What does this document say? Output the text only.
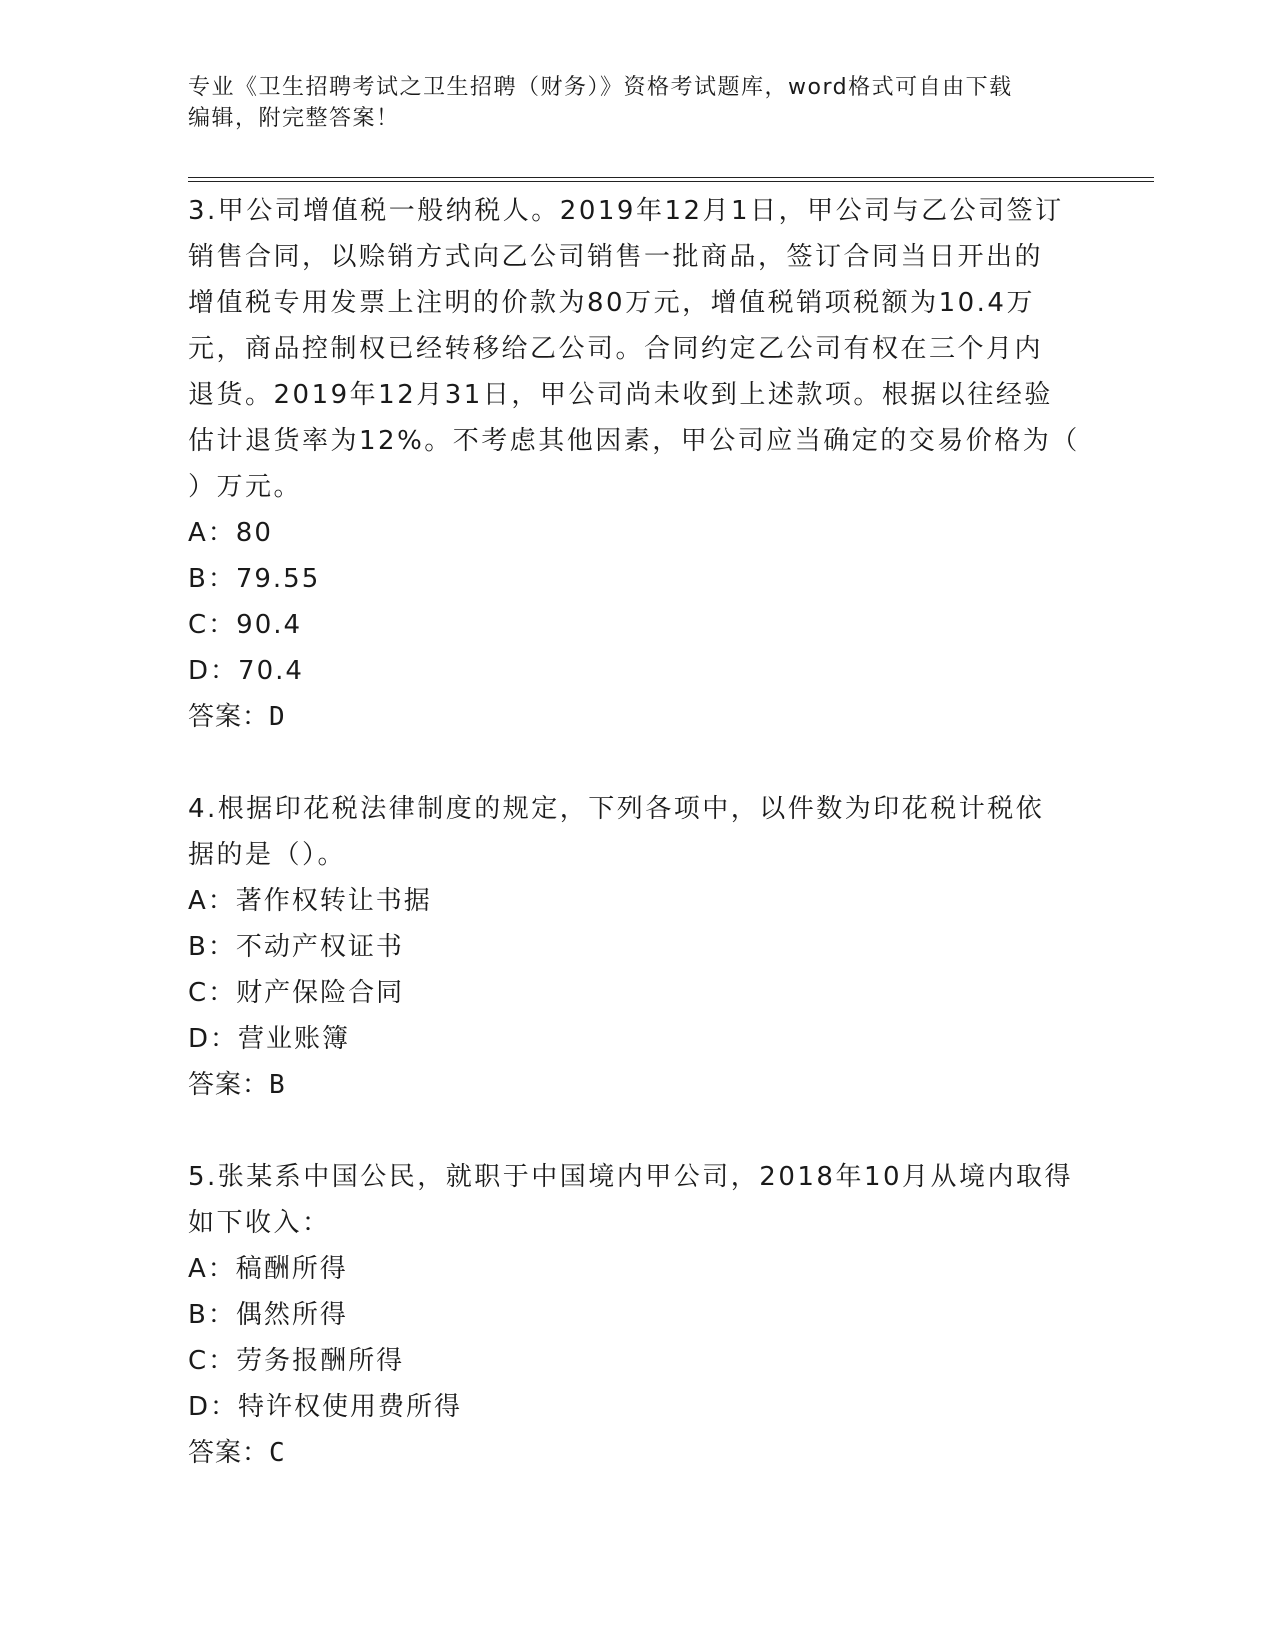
专业《卫生招聘考试之卫生招聘（财务）》资格考试题库，word格式可自由下载
编辑，附完整答案！
3.甲公司增值税一般纳税人。2019年12月1日，甲公司与乙公司签订
销售合同，以赊销方式向乙公司销售一批商品，签订合同当日开出的
增值税专用发票上注明的价款为80万元，增值税销项税额为10.4万
元，商品控制权已经转移给乙公司。合同约定乙公司有权在三个月内
退货。2019年12月31日，甲公司尚未收到上述款项。根据以往经验
估计退货率为12%。不考虑其他因素，甲公司应当确定的交易价格为（
）万元。
A：80
B：79.55
C：90.4
D：70.4
答案：D
4.根据印花税法律制度的规定，下列各项中，以件数为印花税计税依
据的是（）。
A：著作权转让书据
B：不动产权证书
C：财产保险合同
D：营业账簿
答案：B
5.张某系中国公民，就职于中国境内甲公司，2018年10月从境内取得
如下收入：
A：稿酬所得
B：偶然所得
C：劳务报酬所得
D：特许权使用费所得
答案：C
